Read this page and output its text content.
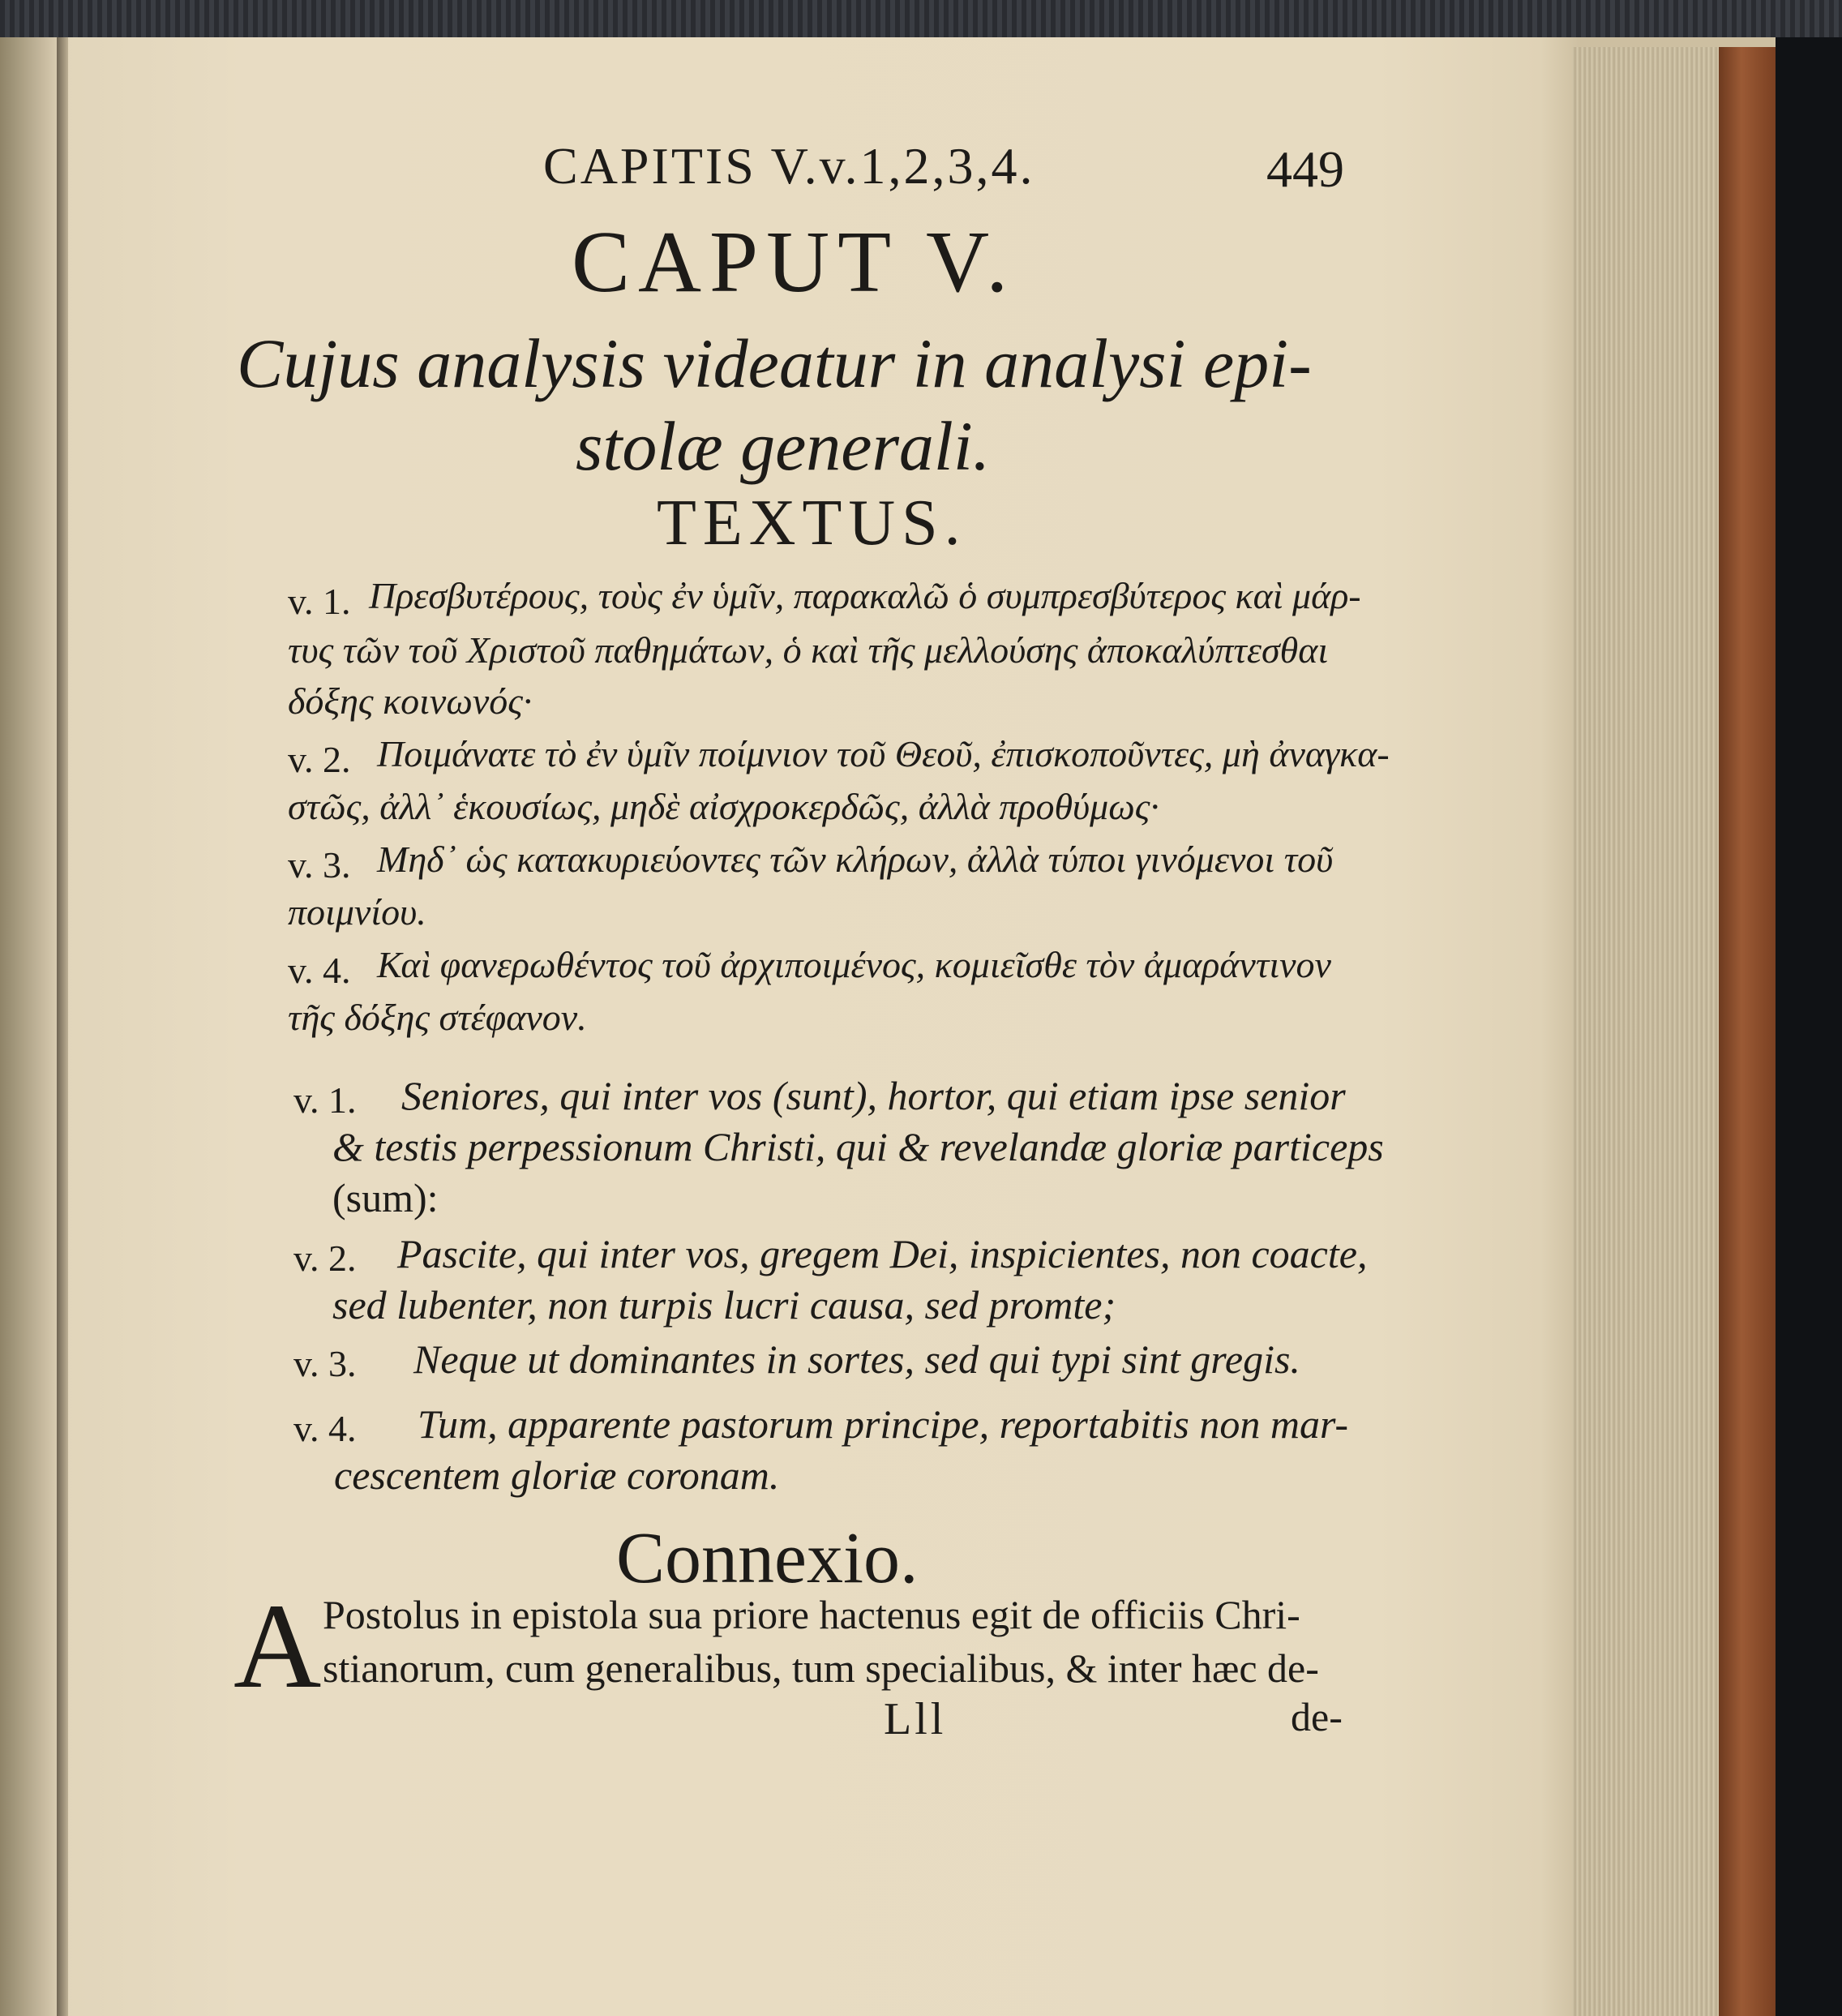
CAPITIS V.v.1,2,3,4.	449
CAPUT V.
Cujus analysis videatur in analysi epi-
stolæ generali.
TEXTUS.
v. 1. Πρεσβυτέρους, τοὺς ἐν ὑμῖν, παρακαλῶ ὁ συμπρεσβύτερος καὶ μάρ-
τυς τῶν τοῦ Χριστοῦ παθημάτων, ὁ καὶ τῆς μελλούσης ἀποκαλύπτεσθαι
δόξης κοινωνός·
v. 2. Ποιμάνατε τὸ ἐν ὑμῖν ποίμνιον τοῦ Θεοῦ, ἐπισκοποῦντες, μὴ ἀναγκα-
στῶς, ἀλλ᾽ ἑκουσίως, μηδὲ αἰσχροκερδῶς, ἀλλὰ προθύμως·
v. 3. Μηδ᾽ ὡς κατακυριεύοντες τῶν κλήρων, ἀλλὰ τύποι γινόμενοι τοῦ
ποιμνίου.
v. 4. Καὶ φανερωθέντος τοῦ ἀρχιποιμένος, κομιεῖσθε τὸν ἀμαράντινον
τῆς δόξης στέφανον.
v. 1. Seniores, qui inter vos (sunt), hortor, qui etiam ipse senior
& testis perpessionum Christi, qui & revelandæ gloriæ particeps
(sum):
v. 2. Pascite, qui inter vos, gregem Dei, inspicientes, non coacte,
sed lubenter, non turpis lucri causa, sed promte;
v. 3. Neque ut dominantes in sortes, sed qui typi sint gregis.
v. 4. Tum, apparente pastorum principe, reportabitis non mar-
cescentem gloriæ coronam.
Connexio.
A Postolus in epistola sua priore hactenus egit de officiis Chri-
stianorum, cum generalibus, tum specialibus, & inter hæc de-
Lll	de-
